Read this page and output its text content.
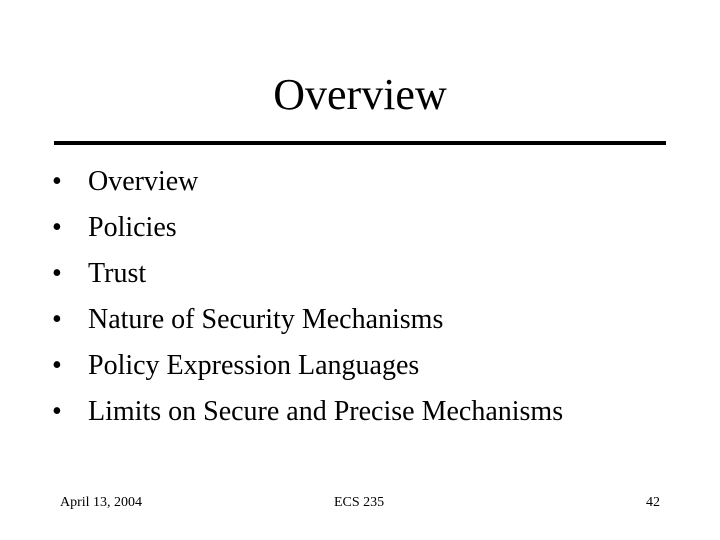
Overview
• Overview
• Policies
• Trust
• Nature of Security Mechanisms
• Policy Expression Languages
• Limits on Secure and Precise Mechanisms
April 13, 2004	ECS 235	42
